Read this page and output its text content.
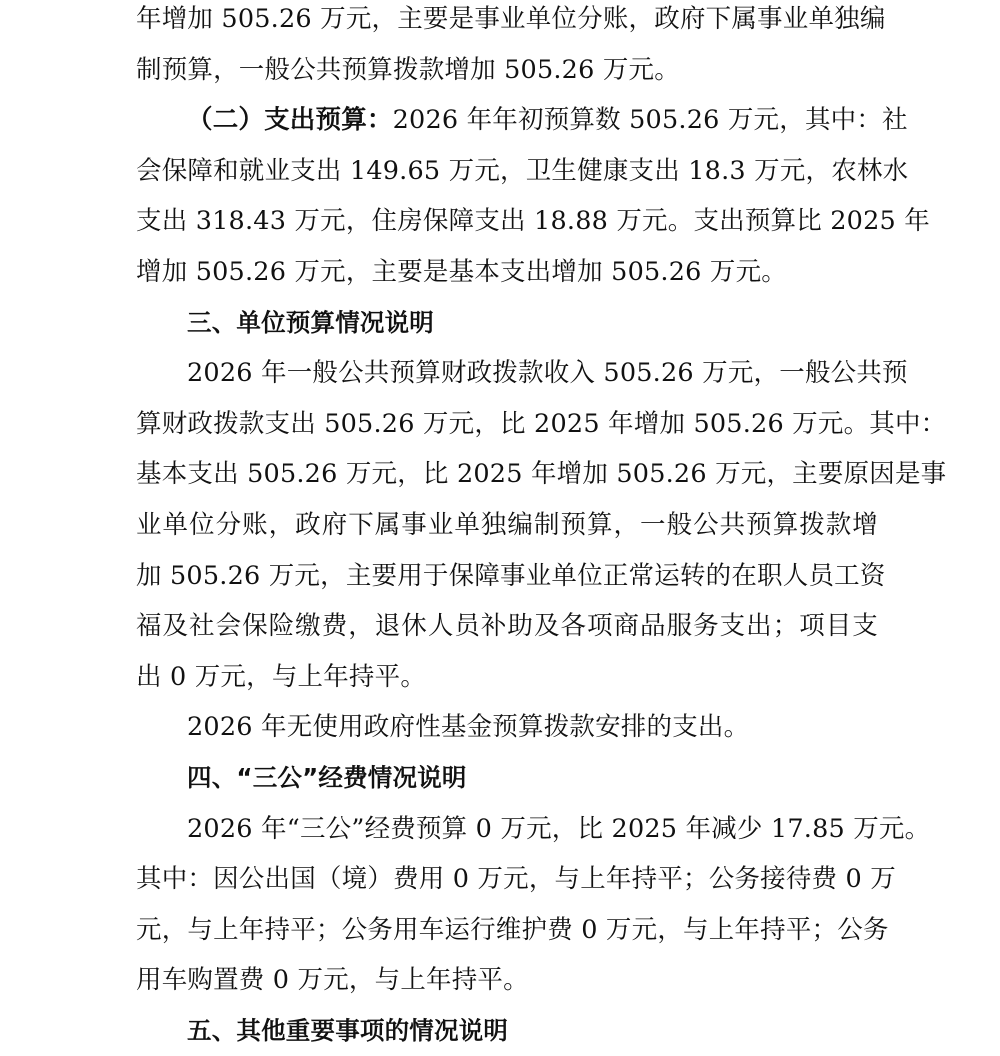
年增加 505.26 万元，主要是事业单位分账，政府下属事业单独编
制预算，一般公共预算拨款增加 505.26 万元。
（二）支出预算：2026 年年初预算数 505.26 万元，其中：社
会保障和就业支出 149.65 万元，卫生健康支出 18.3 万元，农林水
支出 318.43 万元，住房保障支出 18.88 万元。支出预算比 2025 年
增加 505.26 万元，主要是基本支出增加 505.26 万元。
三、单位预算情况说明
2026 年一般公共预算财政拨款收入 505.26 万元，一般公共预
算财政拨款支出 505.26 万元，比 2025 年增加 505.26 万元。其中：
基本支出 505.26 万元，比 2025 年增加 505.26 万元，主要原因是事
业单位分账，政府下属事业单独编制预算，一般公共预算拨款增
加 505.26 万元，主要用于保障事业单位正常运转的在职人员工资
福及社会保险缴费，退休人员补助及各项商品服务支出；项目支
出 0 万元，与上年持平。
2026 年无使用政府性基金预算拨款安排的支出。
四、“三公”经费情况说明
2026 年“三公”经费预算 0 万元，比 2025 年减少 17.85 万元。
其中：因公出国（境）费用 0 万元，与上年持平；公务接待费 0 万
元，与上年持平；公务用车运行维护费 0 万元，与上年持平；公务
用车购置费 0 万元，与上年持平。
五、其他重要事项的情况说明
